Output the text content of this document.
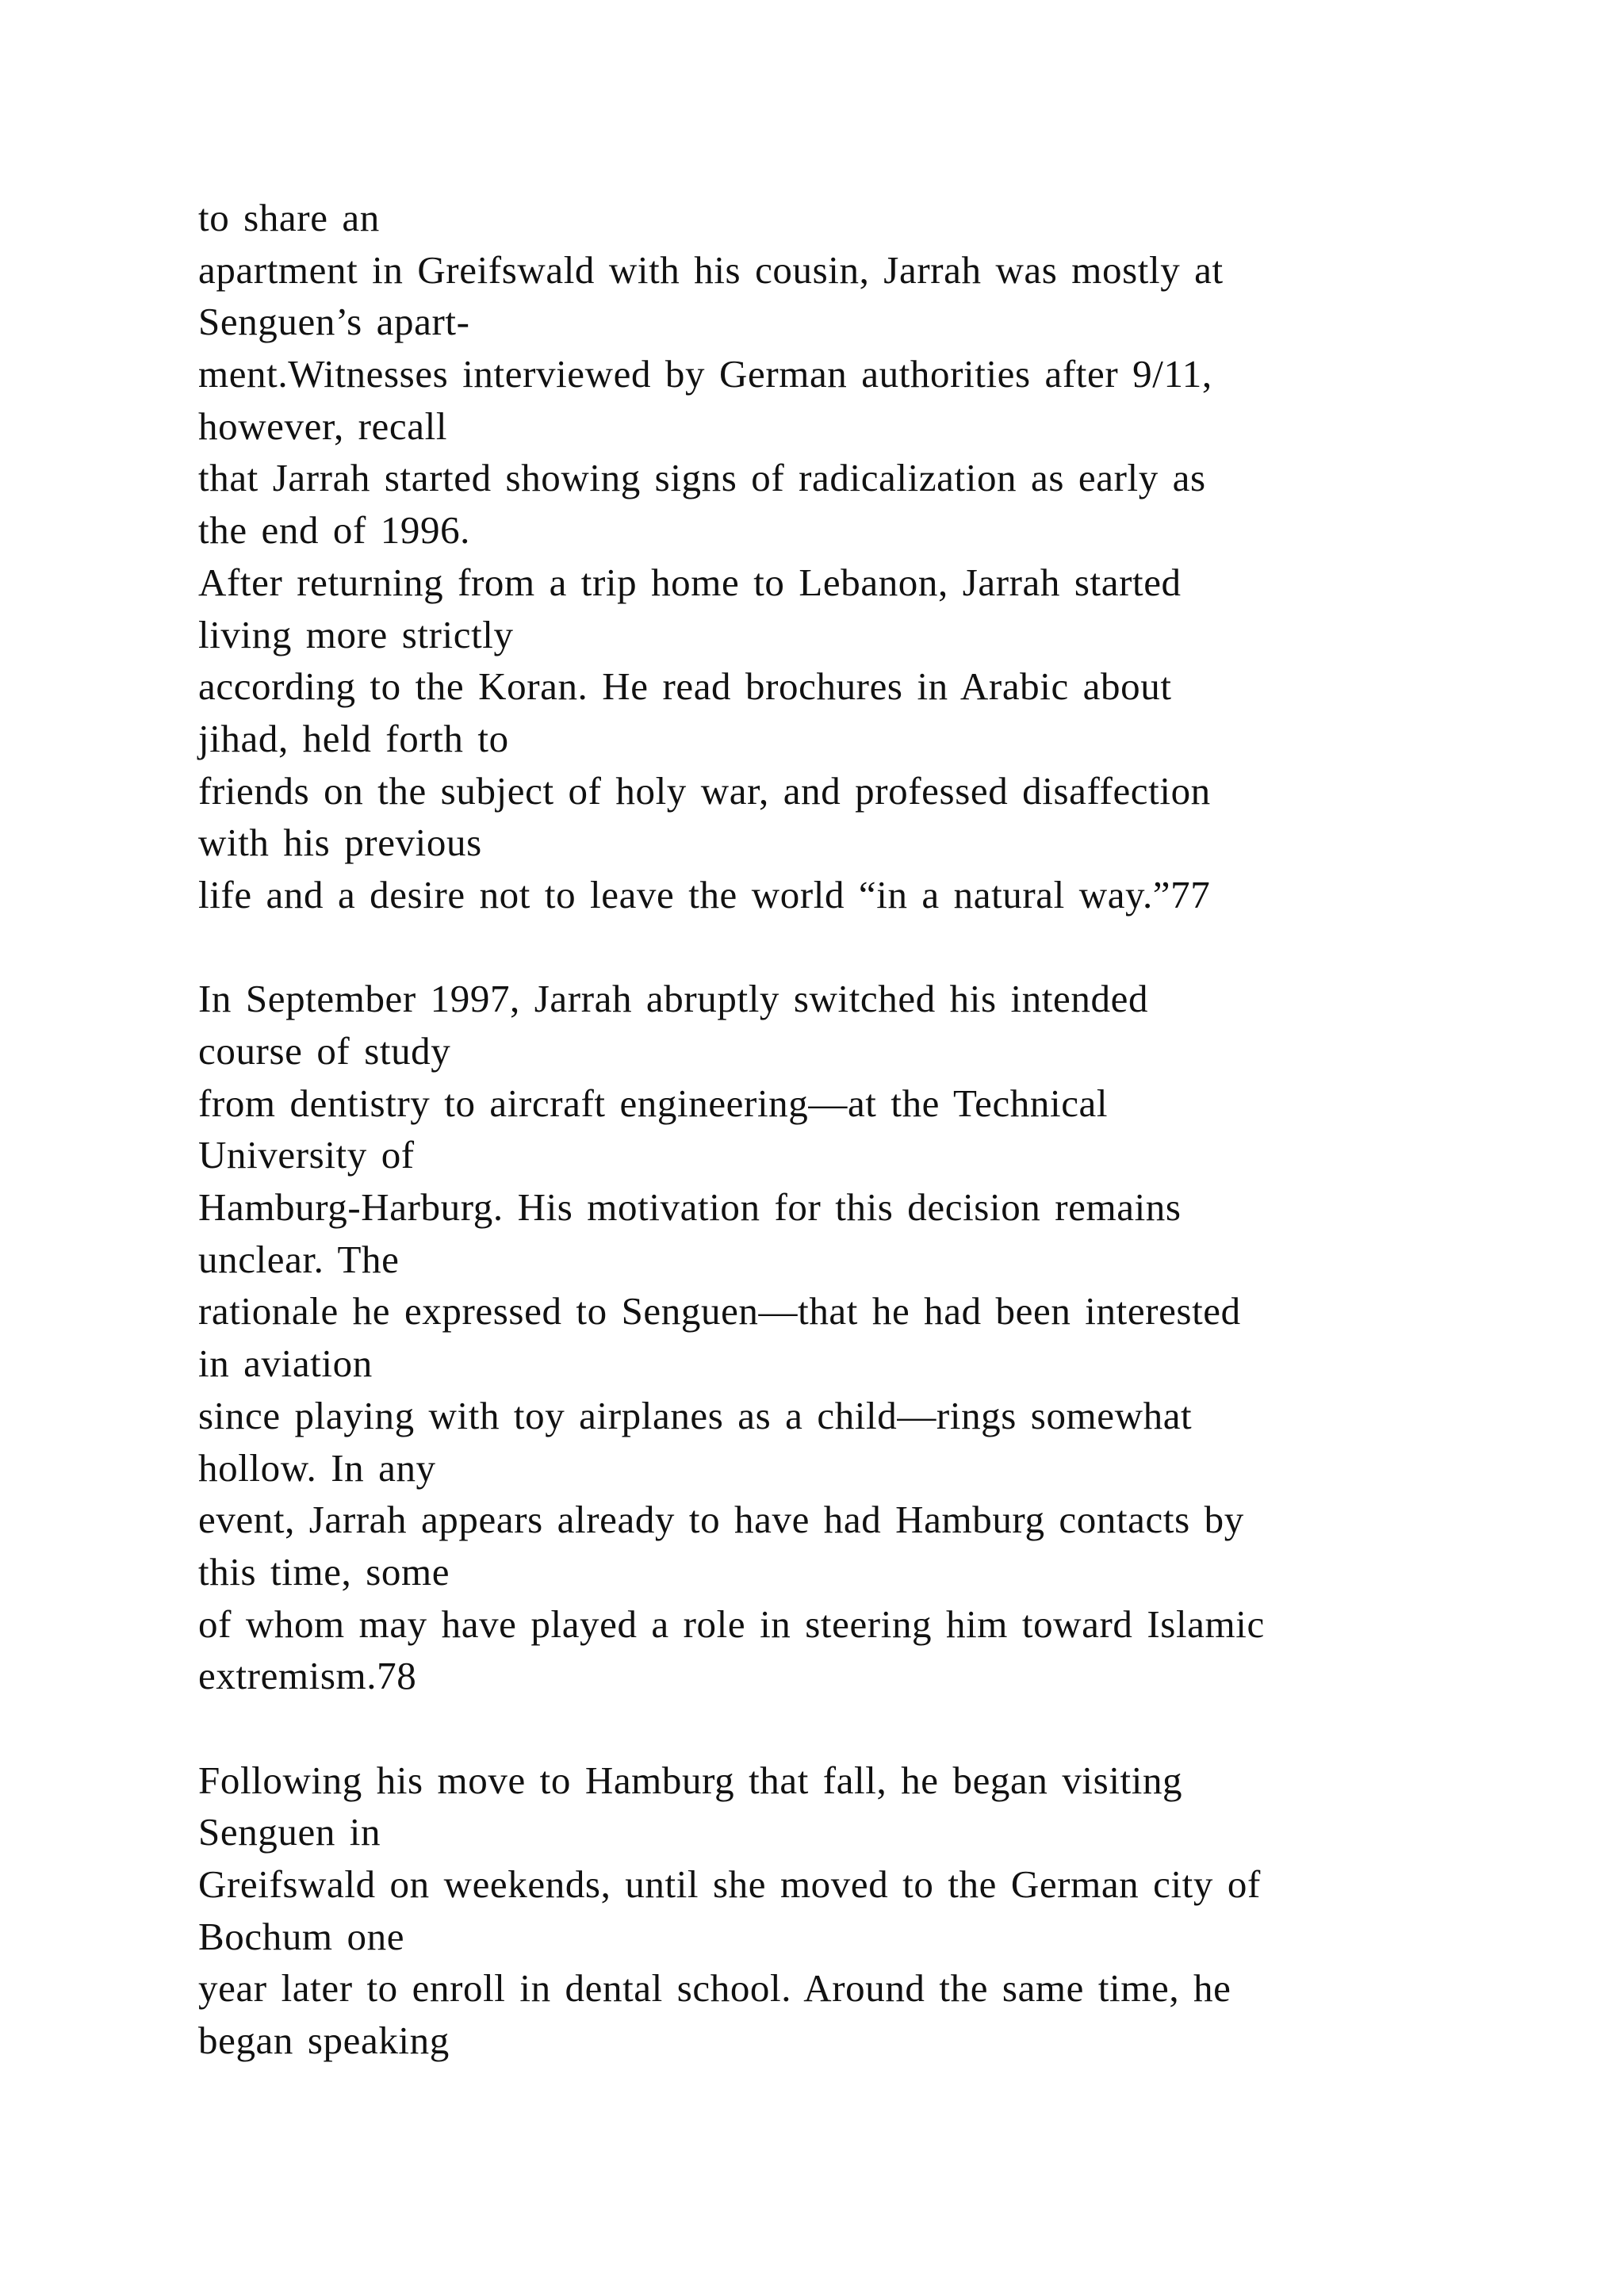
to share an
apartment in Greifswald with his cousin, Jarrah was mostly at
Senguen’s apart-
ment.Witnesses interviewed by German authorities after 9/11,
however, recall
that Jarrah started showing signs of radicalization as early as
the end of 1996.
After returning from a trip home to Lebanon, Jarrah started
living more strictly
according to the Koran. He read brochures in Arabic about
jihad, held forth to
friends on the subject of holy war, and professed disaffection
with his previous
life and a desire not to leave the world “in a natural way.”77
In September 1997, Jarrah abruptly switched his intended
course of study
from dentistry to aircraft engineering—at the Technical
University of
Hamburg-Harburg. His motivation for this decision remains
unclear. The
rationale he expressed to Senguen—that he had been interested
in aviation
since playing with toy airplanes as a child—rings somewhat
hollow. In any
event, Jarrah appears already to have had Hamburg contacts by
this time, some
of whom may have played a role in steering him toward Islamic
extremism.78
Following his move to Hamburg that fall, he began visiting
Senguen in
Greifswald on weekends, until she moved to the German city of
Bochum one
year later to enroll in dental school. Around the same time, he
began speaking
